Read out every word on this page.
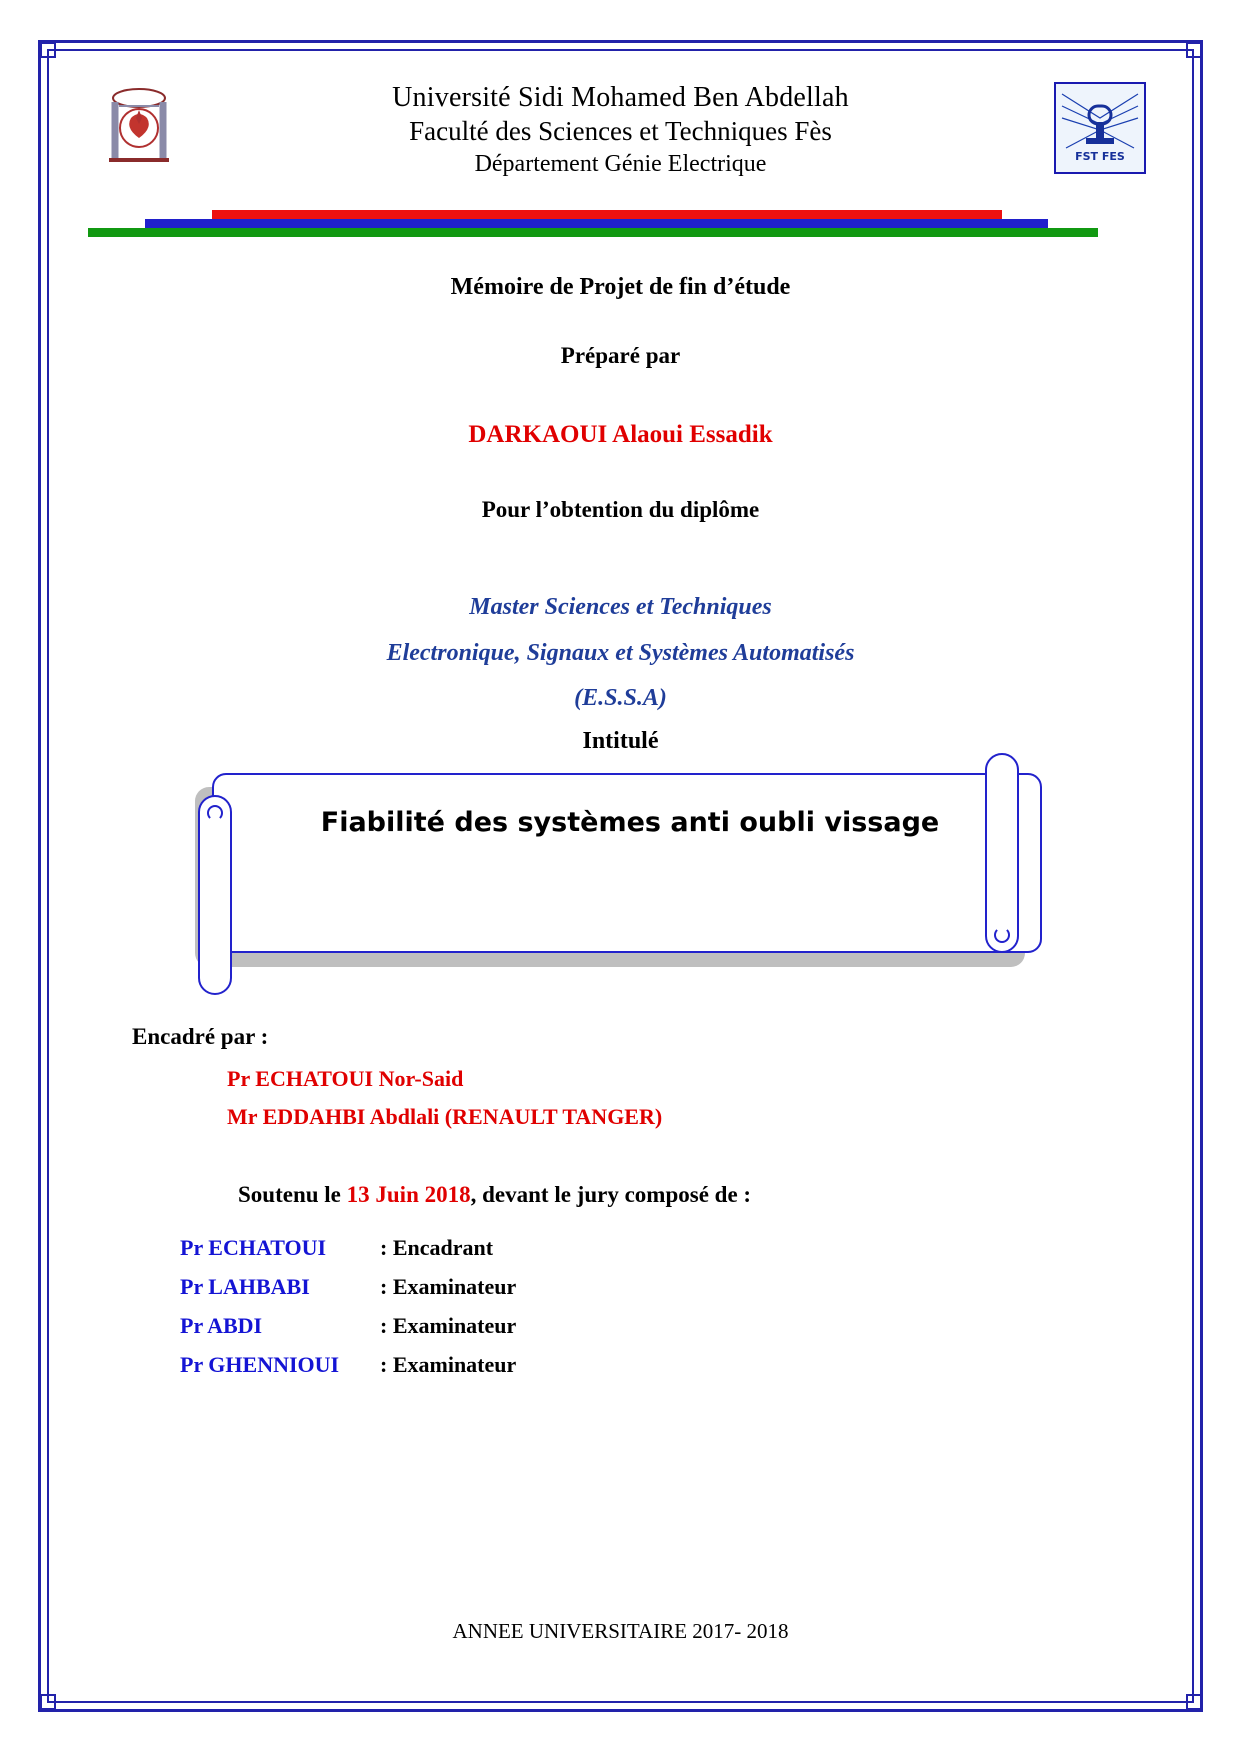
Université Sidi Mohamed Ben Abdellah
Faculté des Sciences et Techniques Fès
Département Génie Electrique	FST FES
Mémoire de Projet de fin d’étude
Préparé par
DARKAOUI Alaoui Essadik
Pour l’obtention du diplôme
Master Sciences et Techniques
Electronique, Signaux et Systèmes Automatisés
(E.S.S.A)
Intitulé
Fiabilité des systèmes anti oubli vissage
Encadré par :
Pr ECHATOUI Nor-Said
Mr EDDAHBI Abdlali (RENAULT TANGER)
Soutenu le 13 Juin 2018, devant le jury composé de :
Pr ECHATOUI	: Encadrant
Pr LAHBABI	: Examinateur
Pr ABDI	: Examinateur
Pr GHENNIOUI	: Examinateur
ANNEE UNIVERSITAIRE 2017- 2018
